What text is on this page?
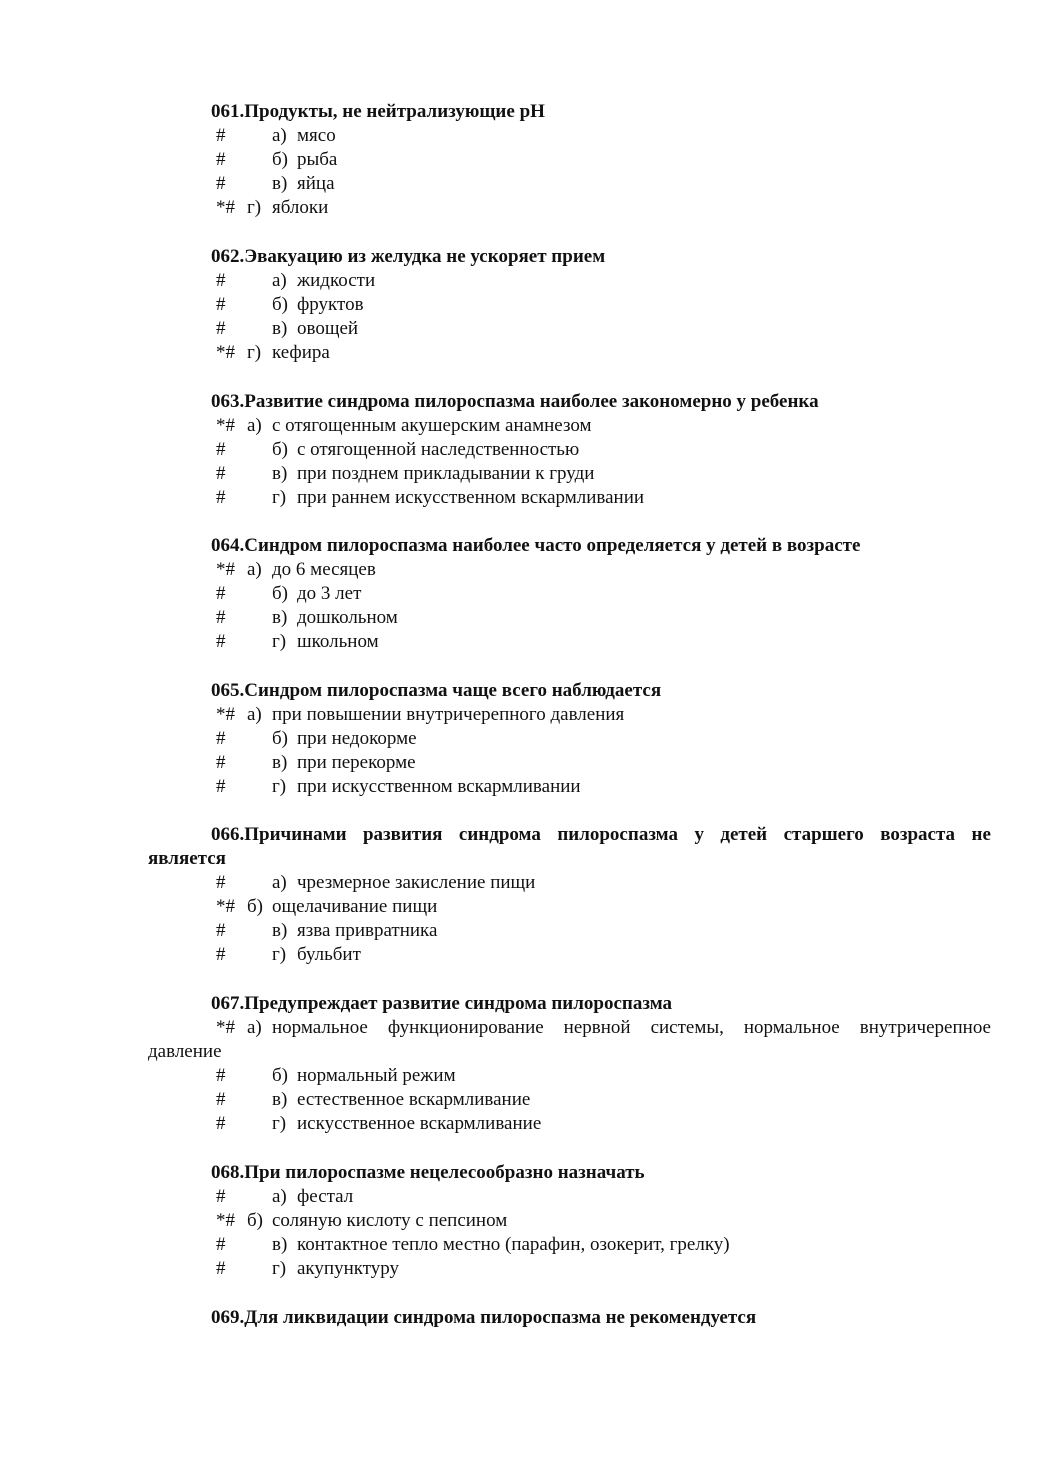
061.Продукты, не нейтрализующие pH
# а) мясо
# б) рыба
# в) яйца
*# г) яблоки
062.Эвакуацию из желудка не ускоряет прием
# а) жидкости
# б) фруктов
# в) овощей
*# г) кефира
063.Развитие синдрома пилороспазма наиболее закономерно у ребенка
*# а) с отягощенным акушерским анамнезом
# б) с отягощенной наследственностью
# в) при позднем прикладывании к груди
# г) при раннем искусственном вскармливании
064.Синдром пилороспазма наиболее часто определяется у детей в возрасте
*# а) до 6 месяцев
# б) до 3 лет
# в) дошкольном
# г) школьном
065.Синдром пилороспазма чаще всего наблюдается
*# а) при повышении внутричерепного давления
# б) при недокорме
# в) при перекорме
# г) при искусственном вскармливании
066.Причинами развития синдрома пилороспазма у детей старшего возраста не
является
# а) чрезмерное закисление пищи
*# б) ощелачивание пищи
# в) язва привратника
# г) бульбит
067.Предупреждает развитие синдрома пилороспазма
*# а) нормальное функционирование нервной системы, нормальное внутричерепное
давление
# б) нормальный режим
# в) естественное вскармливание
# г) искусственное вскармливание
068.При пилороспазме нецелесообразно назначать
# а) фестал
*# б) соляную кислоту с пепсином
# в) контактное тепло местно (парафин, озокерит, грелку)
# г) акупунктуру
069.Для ликвидации синдрома пилороспазма не рекомендуется
